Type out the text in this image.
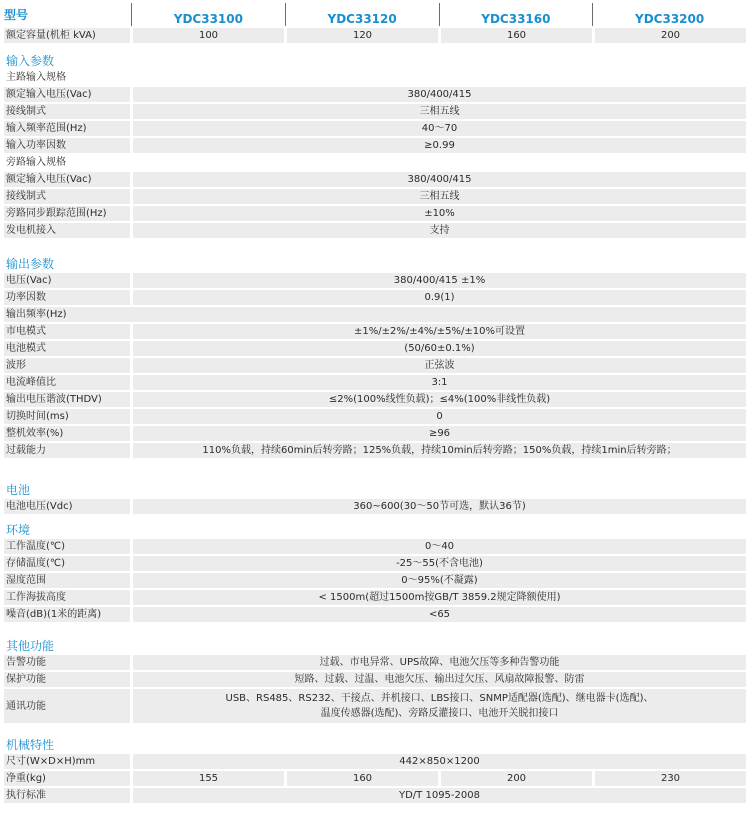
型号	YDC33100	YDC33120	YDC33160	YDC33200
额定容量(机柜 kVA)	100	120	160	200
输入参数
主路输入规格
额定输入电压(Vac)	380/400/415
接线制式	三相五线
输入频率范围(Hz)	40～70
输入功率因数	≥0.99
旁路输入规格
额定输入电压(Vac)	380/400/415
接线制式	三相五线
旁路同步跟踪范围(Hz)	±10%
发电机接入	支持
输出参数
电压(Vac)	380/400/415 ±1%
功率因数	0.9(1)
输出频率(Hz)
市电模式	±1%/±2%/±4%/±5%/±10%可设置
电池模式	(50/60±0.1%)
波形	正弦波
电流峰值比	3:1
输出电压谐波(THDV)	≤2%(100%线性负载)；≤4%(100%非线性负载)
切换时间(ms)	0
整机效率(%)	≥96
过载能力	110%负载，持续60min后转旁路；125%负载，持续10min后转旁路；150%负载，持续1min后转旁路；
电池
电池电压(Vdc)	360~600(30～50节可选，默认36节)
环境
工作温度(℃)	0～40
存储温度(℃)	-25～55(不含电池)
湿度范围	0～95%(不凝露)
工作海拔高度	< 1500m(超过1500m按GB/T 3859.2规定降额使用)
噪音(dB)(1米的距离)	<65
其他功能
告警功能	过载、市电异常、UPS故障、电池欠压等多种告警功能
保护功能	短路、过载、过温、电池欠压、输出过欠压、风扇故障报警、防雷
通讯功能
USB、RS485、RS232、干接点、并机接口、LBS接口、SNMP适配器(选配)、继电器卡(选配)、
温度传感器(选配)、旁路反灌接口、电池开关脱扣接口
机械特性
尺寸(W×D×H)mm	442×850×1200
净重(kg)	155	160	200	230
执行标准	YD/T 1095-2008
